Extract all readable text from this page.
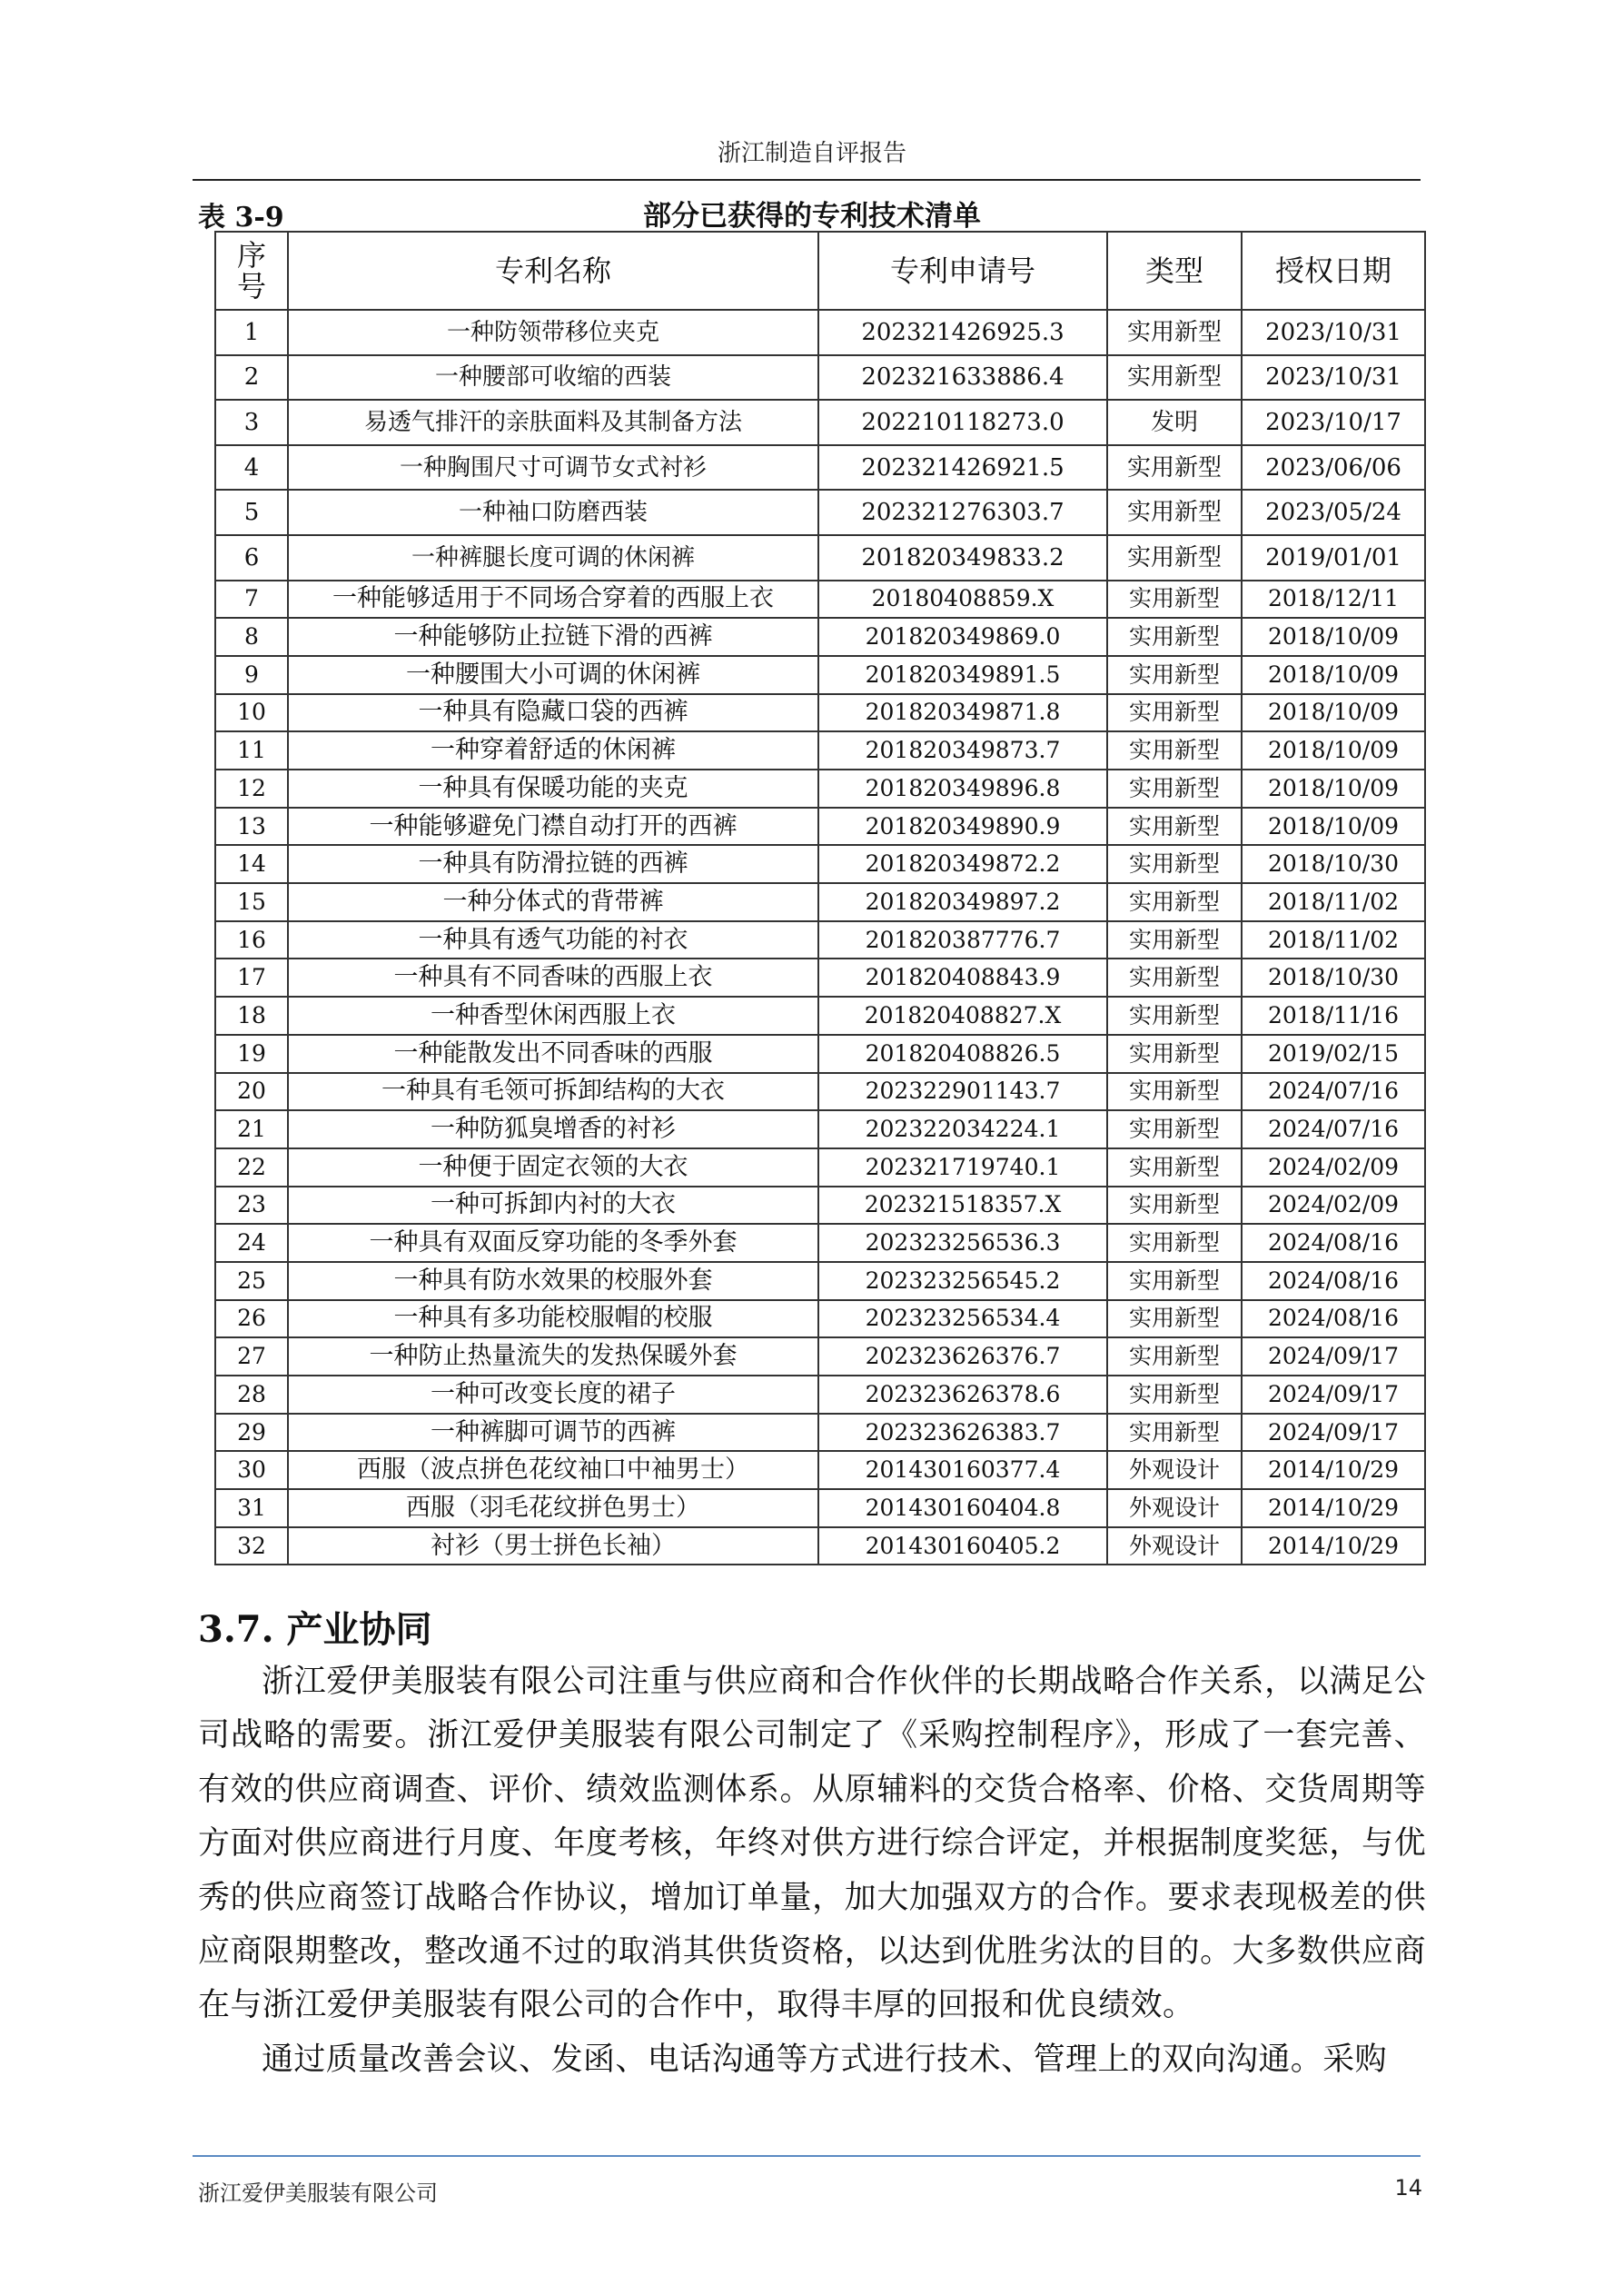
浙江制造自评报告
表 3-9	部分已获得的专利技术清单
序
号	专利名称	专利申请号	类型	授权日期
1	一种防领带移位夹克	202321426925.3	实用新型	2023/10/31
2	一种腰部可收缩的西装	202321633886.4	实用新型	2023/10/31
3	易透气排汗的亲肤面料及其制备方法	202210118273.0	发明	2023/10/17
4	一种胸围尺寸可调节女式衬衫	202321426921.5	实用新型	2023/06/06
5	一种袖口防磨西装	202321276303.7	实用新型	2023/05/24
6	一种裤腿长度可调的休闲裤	201820349833.2	实用新型	2019/01/01
7	一种能够适用于不同场合穿着的西服上衣	20180408859.X	实用新型	2018/12/11
8	一种能够防止拉链下滑的西裤	201820349869.0	实用新型	2018/10/09
9	一种腰围大小可调的休闲裤	201820349891.5	实用新型	2018/10/09
10	一种具有隐藏口袋的西裤	201820349871.8	实用新型	2018/10/09
11	一种穿着舒适的休闲裤	201820349873.7	实用新型	2018/10/09
12	一种具有保暖功能的夹克	201820349896.8	实用新型	2018/10/09
13	一种能够避免门襟自动打开的西裤	201820349890.9	实用新型	2018/10/09
14	一种具有防滑拉链的西裤	201820349872.2	实用新型	2018/10/30
15	一种分体式的背带裤	201820349897.2	实用新型	2018/11/02
16	一种具有透气功能的衬衣	201820387776.7	实用新型	2018/11/02
17	一种具有不同香味的西服上衣	201820408843.9	实用新型	2018/10/30
18	一种香型休闲西服上衣	201820408827.X	实用新型	2018/11/16
19	一种能散发出不同香味的西服	201820408826.5	实用新型	2019/02/15
20	一种具有毛领可拆卸结构的大衣	202322901143.7	实用新型	2024/07/16
21	一种防狐臭增香的衬衫	202322034224.1	实用新型	2024/07/16
22	一种便于固定衣领的大衣	202321719740.1	实用新型	2024/02/09
23	一种可拆卸内衬的大衣	202321518357.X	实用新型	2024/02/09
24	一种具有双面反穿功能的冬季外套	202323256536.3	实用新型	2024/08/16
25	一种具有防水效果的校服外套	202323256545.2	实用新型	2024/08/16
26	一种具有多功能校服帽的校服	202323256534.4	实用新型	2024/08/16
27	一种防止热量流失的发热保暖外套	202323626376.7	实用新型	2024/09/17
28	一种可改变长度的裙子	202323626378.6	实用新型	2024/09/17
29	一种裤脚可调节的西裤	202323626383.7	实用新型	2024/09/17
30	西服（波点拼色花纹袖口中袖男士）	201430160377.4	外观设计	2014/10/29
31	西服（羽毛花纹拼色男士）	201430160404.8	外观设计	2014/10/29
32	衬衫（男士拼色长袖）	201430160405.2	外观设计	2014/10/29
3.7. 产业协同

浙江爱伊美服装有限公司注重与供应商和合作伙伴的长期战略合作关系，以满足公司战略的需要。浙江爱伊美服装有限公司制定了《采购控制程序》，形成了一套完善、有效的供应商调查、评价、绩效监测体系。从原辅料的交货合格率、价格、交货周期等方面对供应商进行月度、年度考核，年终对供方进行综合评定，并根据制度奖惩，与优秀的供应商签订战略合作协议，增加订单量，加大加强双方的合作。要求表现极差的供应商限期整改，整改通不过的取消其供货资格，以达到优胜劣汰的目的。大多数供应商在与浙江爱伊美服装有限公司的合作中，取得丰厚的回报和优良绩效。

通过质量改善会议、发函、电话沟通等方式进行技术、管理上的双向沟通。采购

浙江爱伊美服装有限公司	14
